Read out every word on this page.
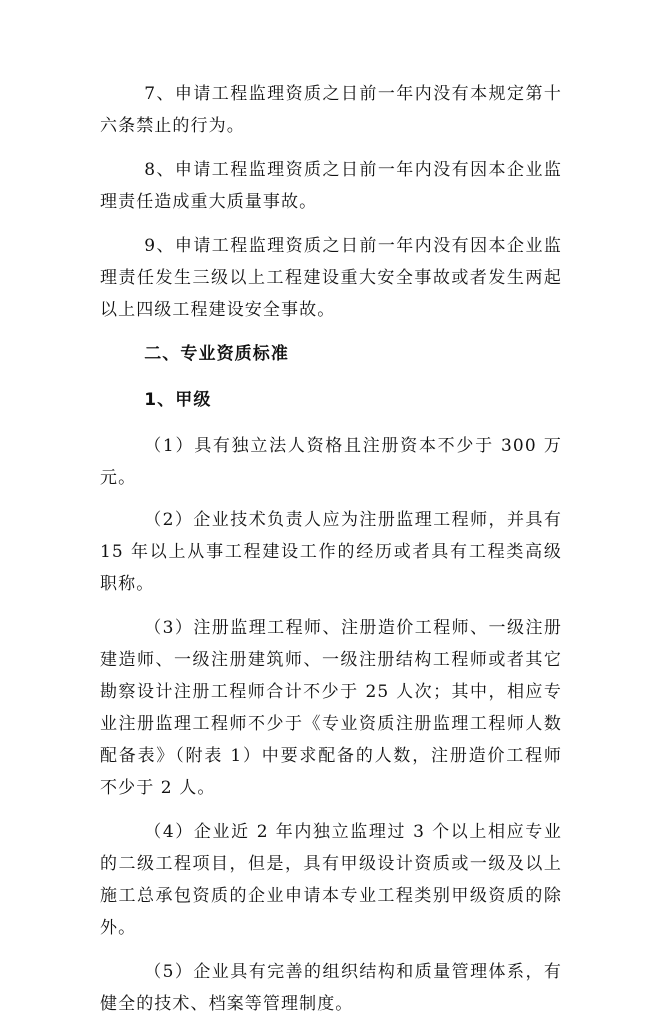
7、申请工程监理资质之日前一年内没有本规定第十六条禁止的行为。

8、申请工程监理资质之日前一年内没有因本企业监理责任造成重大质量事故。

9、申请工程监理资质之日前一年内没有因本企业监理责任发生三级以上工程建设重大安全事故或者发生两起以上四级工程建设安全事故。

二、专业资质标准

1、甲级

（1）具有独立法人资格且注册资本不少于 300 万元。

（2）企业技术负责人应为注册监理工程师，并具有 15 年以上从事工程建设工作的经历或者具有工程类高级职称。

（3）注册监理工程师、注册造价工程师、一级注册建造师、一级注册建筑师、一级注册结构工程师或者其它勘察设计注册工程师合计不少于 25 人次；其中，相应专业注册监理工程师不少于《专业资质注册监理工程师人数配备表》（附表 1）中要求配备的人数，注册造价工程师不少于 2 人。

（4）企业近 2 年内独立监理过 3 个以上相应专业的二级工程项目，但是，具有甲级设计资质或一级及以上施工总承包资质的企业申请本专业工程类别甲级资质的除外。

（5）企业具有完善的组织结构和质量管理体系，有健全的技术、档案等管理制度。
